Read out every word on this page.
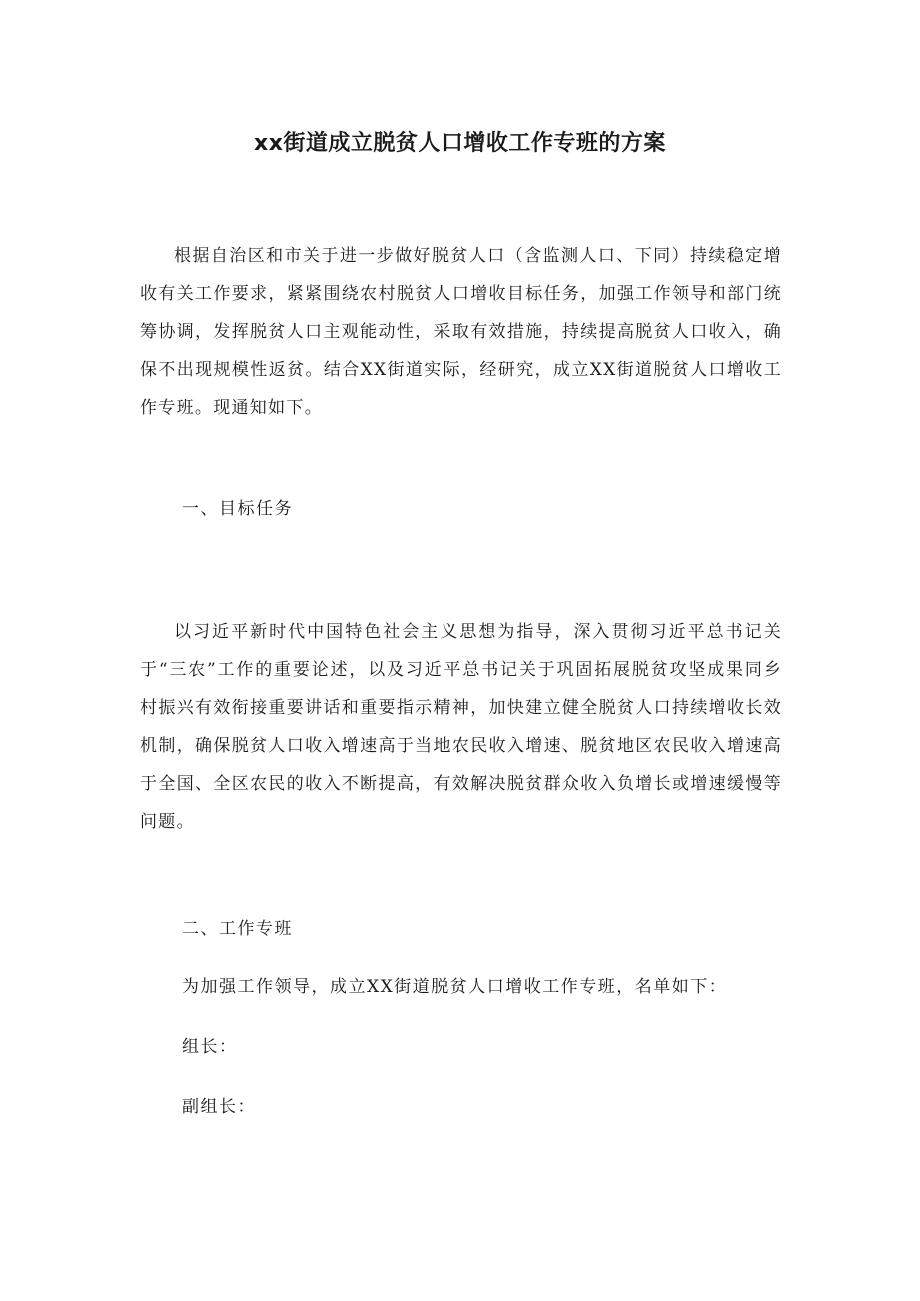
xx街道成立脱贫人口增收工作专班的方案

根据自治区和市关于进一步做好脱贫人口（含监测人口、下同）持续稳定增收有关工作要求，紧紧围绕农村脱贫人口增收目标任务，加强工作领导和部门统筹协调，发挥脱贫人口主观能动性，采取有效措施，持续提高脱贫人口收入，确保不出现规模性返贫。结合XX街道实际，经研究，成立XX街道脱贫人口增收工作专班。现通知如下。

一、目标任务

以习近平新时代中国特色社会主义思想为指导，深入贯彻习近平总书记关于“三农”工作的重要论述，以及习近平总书记关于巩固拓展脱贫攻坚成果同乡村振兴有效衔接重要讲话和重要指示精神，加快建立健全脱贫人口持续增收长效机制，确保脱贫人口收入增速高于当地农民收入增速、脱贫地区农民收入增速高于全国、全区农民的收入不断提高，有效解决脱贫群众收入负增长或增速缓慢等问题。

二、工作专班

为加强工作领导，成立XX街道脱贫人口增收工作专班，名单如下：

组长：

副组长：
